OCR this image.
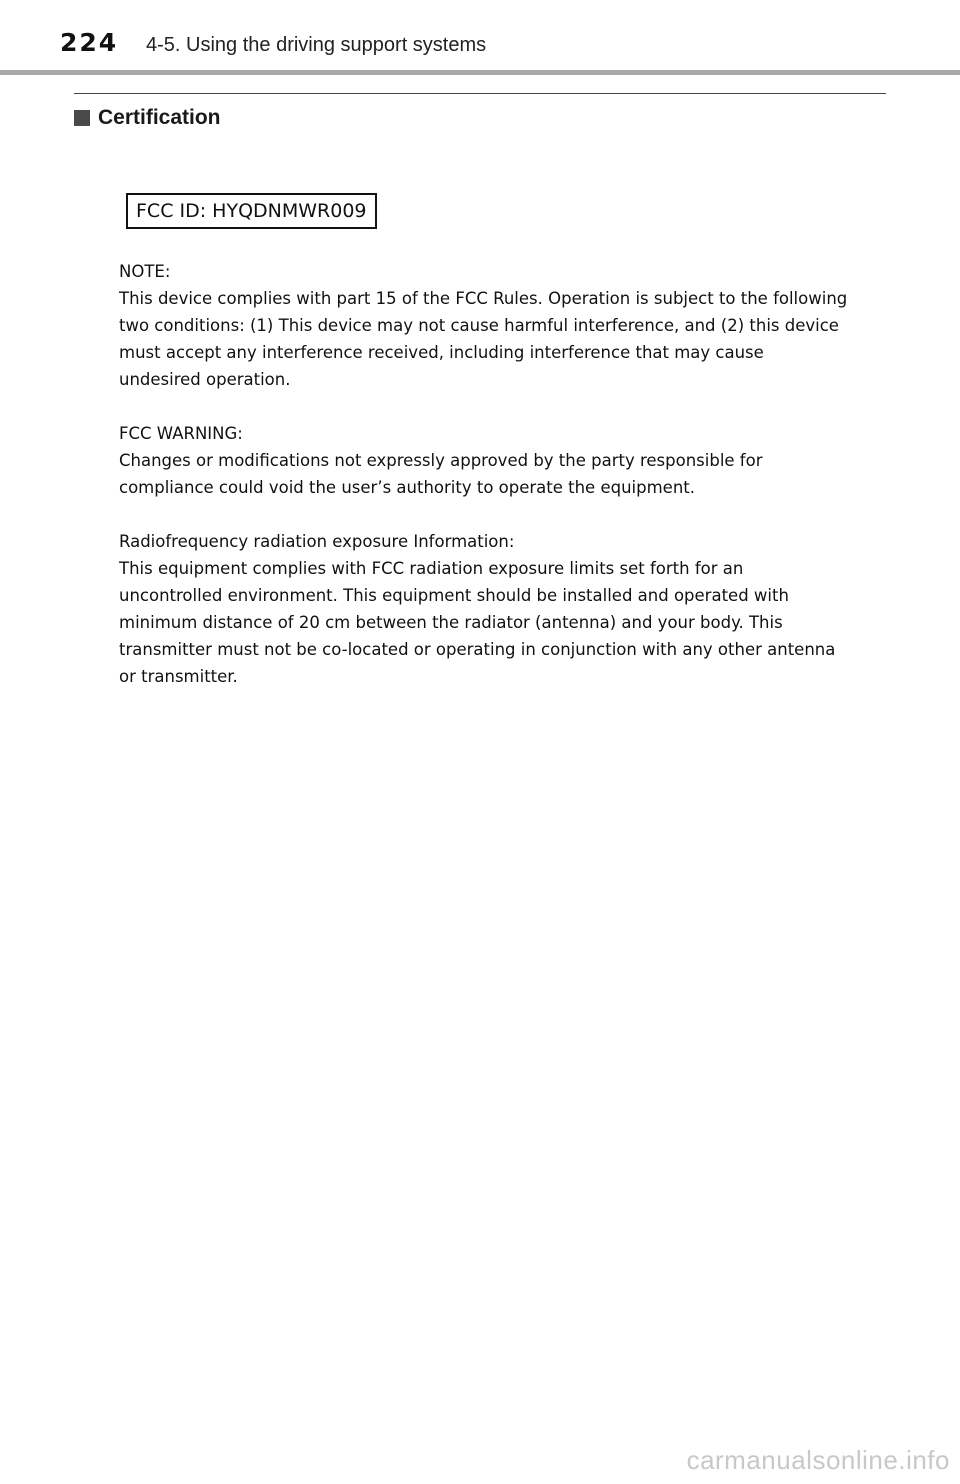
224 4-5. Using the driving support systems
Certification
FCC ID: HYQDNMWR009

NOTE:

This device complies with part 15 of the FCC Rules. Operation is subject to the following two conditions: (1) This device may not cause harmful interference, and (2) this device must accept any interference received, including interference that may cause undesired operation.

FCC WARNING:

Changes or modifications not expressly approved by the party responsible for compliance could void the user’s authority to operate the equipment.

Radiofrequency radiation exposure Information:

This equipment complies with FCC radiation exposure limits set forth for an uncontrolled environment. This equipment should be installed and operated with minimum distance of 20 cm between the radiator (antenna) and your body. This transmitter must not be co-located or operating in conjunction with any other antenna or transmitter.

carmanualsonline.info
